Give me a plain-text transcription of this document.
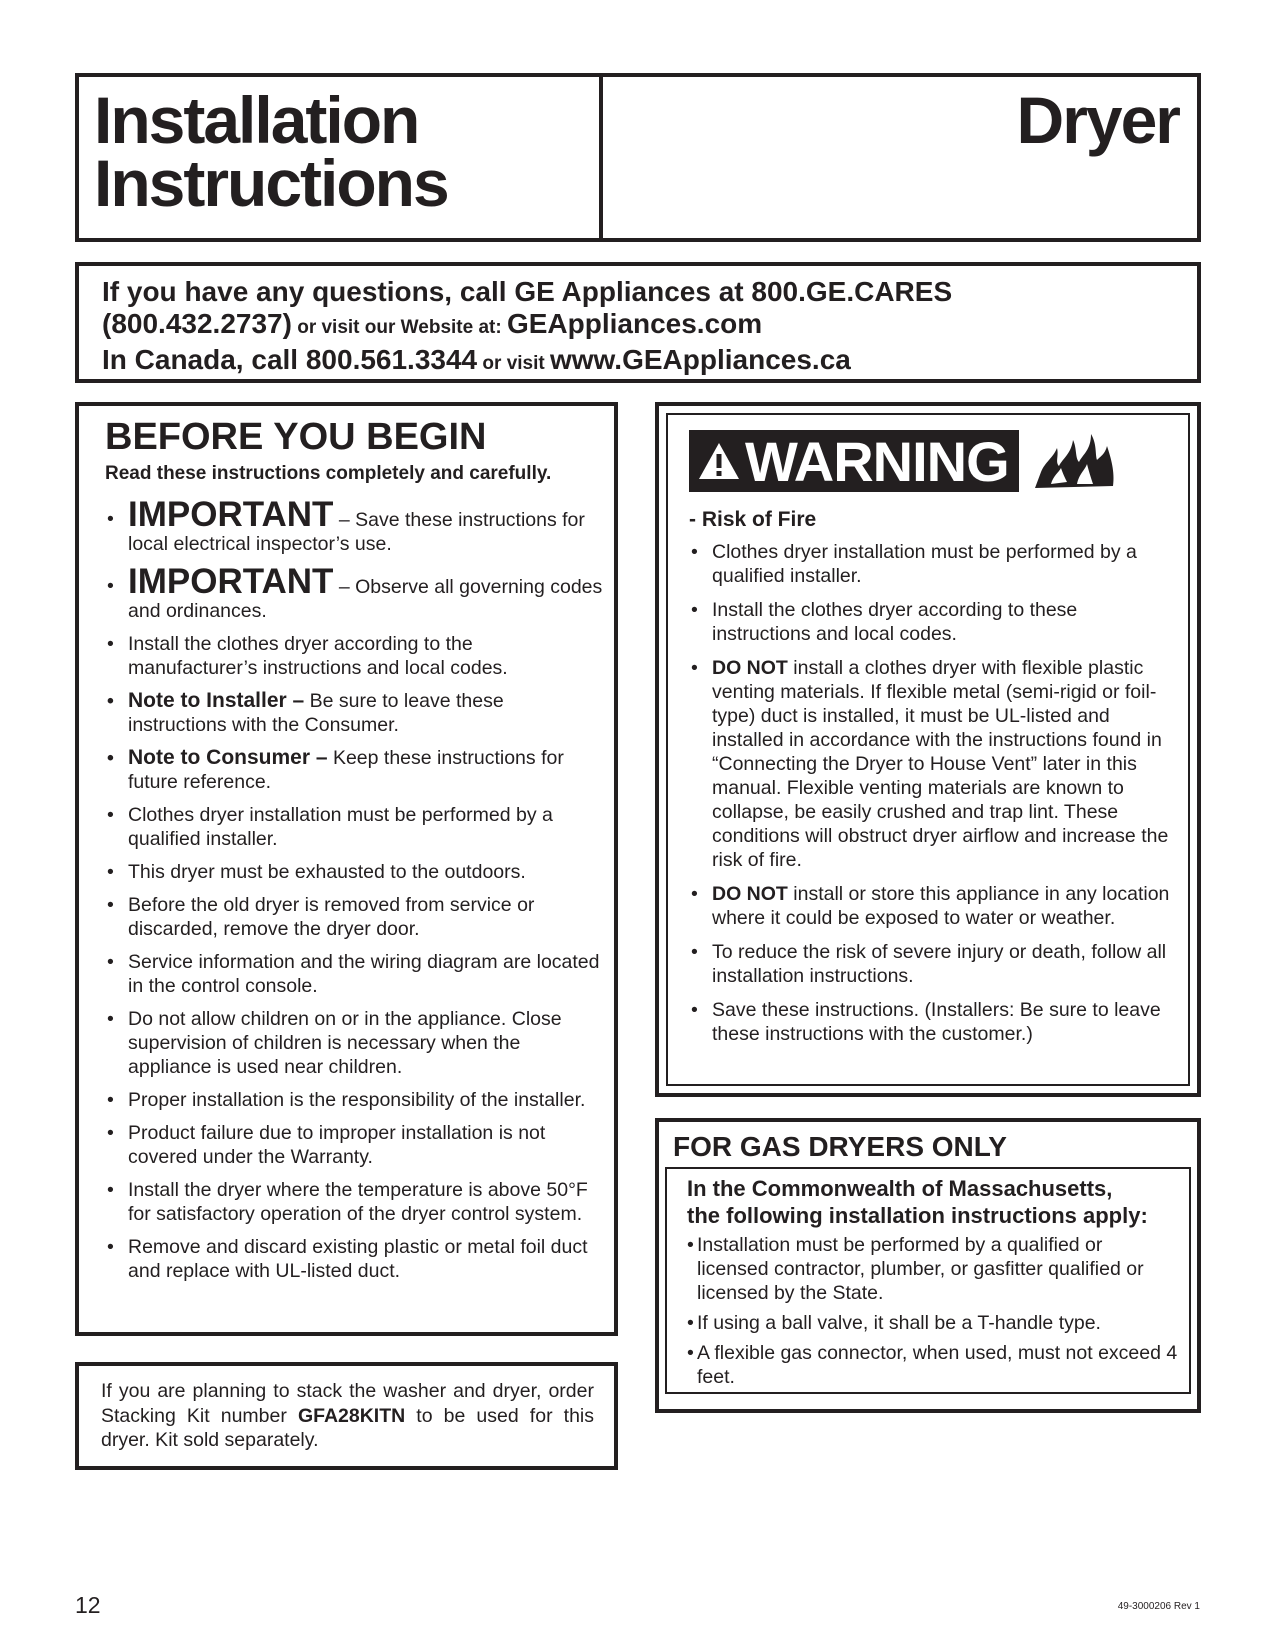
Installation
Instructions
Dryer
If you have any questions, call GE Appliances at 800.GE.CARES
(800.432.2737) or visit our Website at: GEAppliances.com
In Canada, call 800.561.3344 or visit www.GEAppliances.ca
BEFORE YOU BEGIN
Read these instructions completely and carefully.
• IMPORTANT – Save these instructions for local electrical inspector’s use.
• IMPORTANT – Observe all governing codes and ordinances.
• Install the clothes dryer according to the manufacturer’s instructions and local codes.
• Note to Installer – Be sure to leave these instructions with the Consumer.
• Note to Consumer – Keep these instructions for future reference.
• Clothes dryer installation must be performed by a qualified installer.
• This dryer must be exhausted to the outdoors.
• Before the old dryer is removed from service or discarded, remove the dryer door.
• Service information and the wiring diagram are located in the control console.
• Do not allow children on or in the appliance. Close supervision of children is necessary when the appliance is used near children.
• Proper installation is the responsibility of the installer.
• Product failure due to improper installation is not covered under the Warranty.
• Install the dryer where the temperature is above 50°F for satisfactory operation of the dryer control system.
• Remove and discard existing plastic or metal foil duct and replace with UL-listed duct.
If you are planning to stack the washer and dryer, order Stacking Kit number GFA28KITN to be used for this dryer. Kit sold separately.
WARNING
- Risk of Fire
• Clothes dryer installation must be performed by a qualified installer.
• Install the clothes dryer according to these instructions and local codes.
• DO NOT install a clothes dryer with flexible plastic venting materials. If flexible metal (semi-rigid or foil-type) duct is installed, it must be UL-listed and installed in accordance with the instructions found in “Connecting the Dryer to House Vent” later in this manual. Flexible venting materials are known to collapse, be easily crushed and trap lint. These conditions will obstruct dryer airflow and increase the risk of fire.
• DO NOT install or store this appliance in any location where it could be exposed to water or weather.
• To reduce the risk of severe injury or death, follow all installation instructions.
• Save these instructions. (Installers: Be sure to leave these instructions with the customer.)
FOR GAS DRYERS ONLY
In the Commonwealth of Massachusetts,
the following installation instructions apply:
• Installation must be performed by a qualified or licensed contractor, plumber, or gasfitter qualified or licensed by the State.
• If using a ball valve, it shall be a T-handle type.
• A flexible gas connector, when used, must not exceed 4 feet.
12	49-3000206 Rev 1
